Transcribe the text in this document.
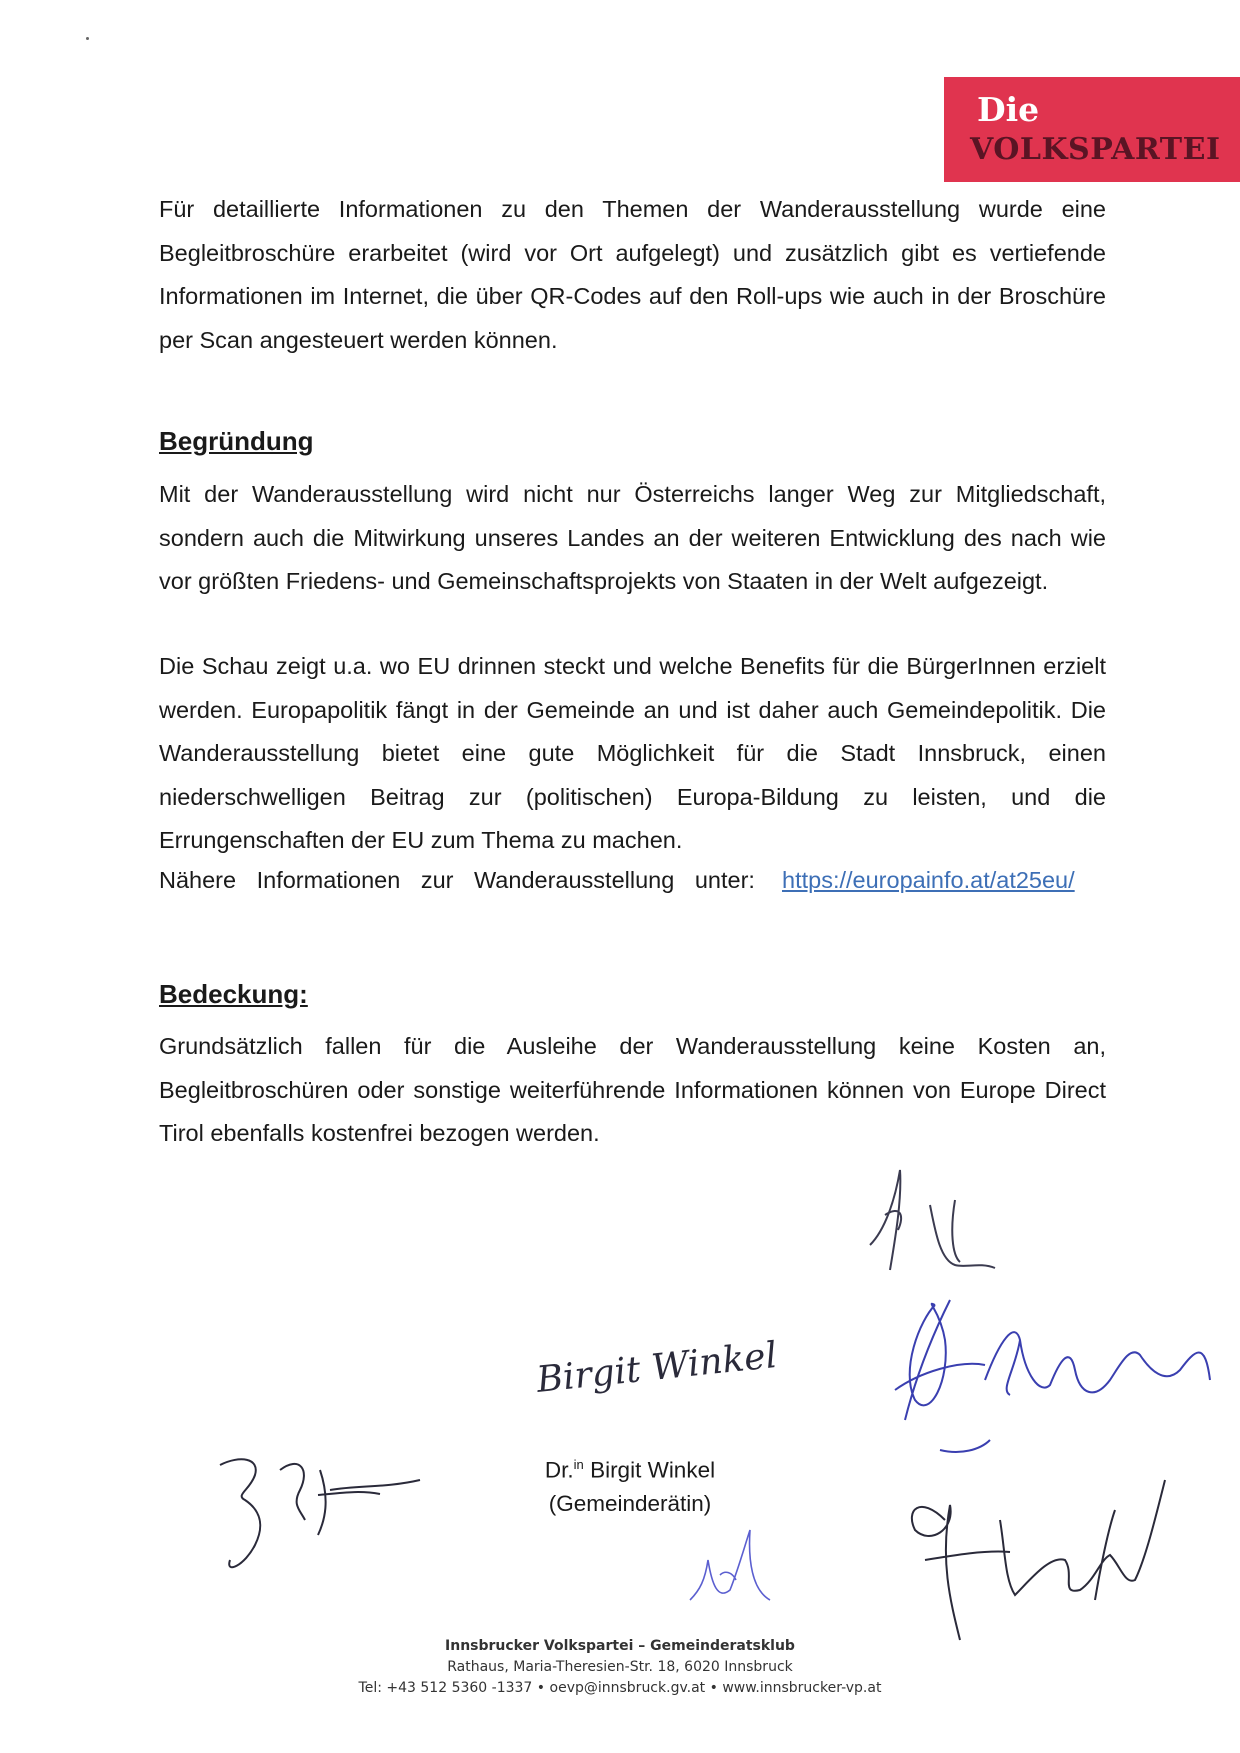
Die
VOLKSPARTEI

Für detaillierte Informationen zu den Themen der Wanderausstellung wurde eine Begleitbroschüre erarbeitet (wird vor Ort aufgelegt) und zusätzlich gibt es vertiefende Informationen im Internet, die über QR-Codes auf den Roll-ups wie auch in der Broschüre per Scan angesteuert werden können.

Begründung

Mit der Wanderausstellung wird nicht nur Österreichs langer Weg zur Mitgliedschaft, sondern auch die Mitwirkung unseres Landes an der weiteren Entwicklung des nach wie vor größten Friedens- und Gemeinschaftsprojekts von Staaten in der Welt aufgezeigt.

Die Schau zeigt u.a. wo EU drinnen steckt und welche Benefits für die BürgerInnen erzielt werden. Europapolitik fängt in der Gemeinde an und ist daher auch Gemeindepolitik. Die Wanderausstellung bietet eine gute Möglichkeit für die Stadt Innsbruck, einen niederschwelligen Beitrag zur (politischen) Europa-Bildung zu leisten, und die Errungenschaften der EU zum Thema zu machen.

Nähere Informationen zur Wanderausstellung unter: https://europainfo.at/at25eu/

Bedeckung:

Grundsätzlich fallen für die Ausleihe der Wanderausstellung keine Kosten an, Begleitbroschüren oder sonstige weiterführende Informationen können von Europe Direct Tirol ebenfalls kostenfrei bezogen werden.

Birgit Winkel
Dr.$^{in}$ Birgit Winkel
(Gemeinderätin)
Innsbrucker Volkspartei – Gemeinderatsklub
Rathaus, Maria-Theresien-Str. 18, 6020 Innsbruck
Tel: +43 512 5360 -1337 • oevp@innsbruck.gv.at • www.innsbrucker-vp.at
